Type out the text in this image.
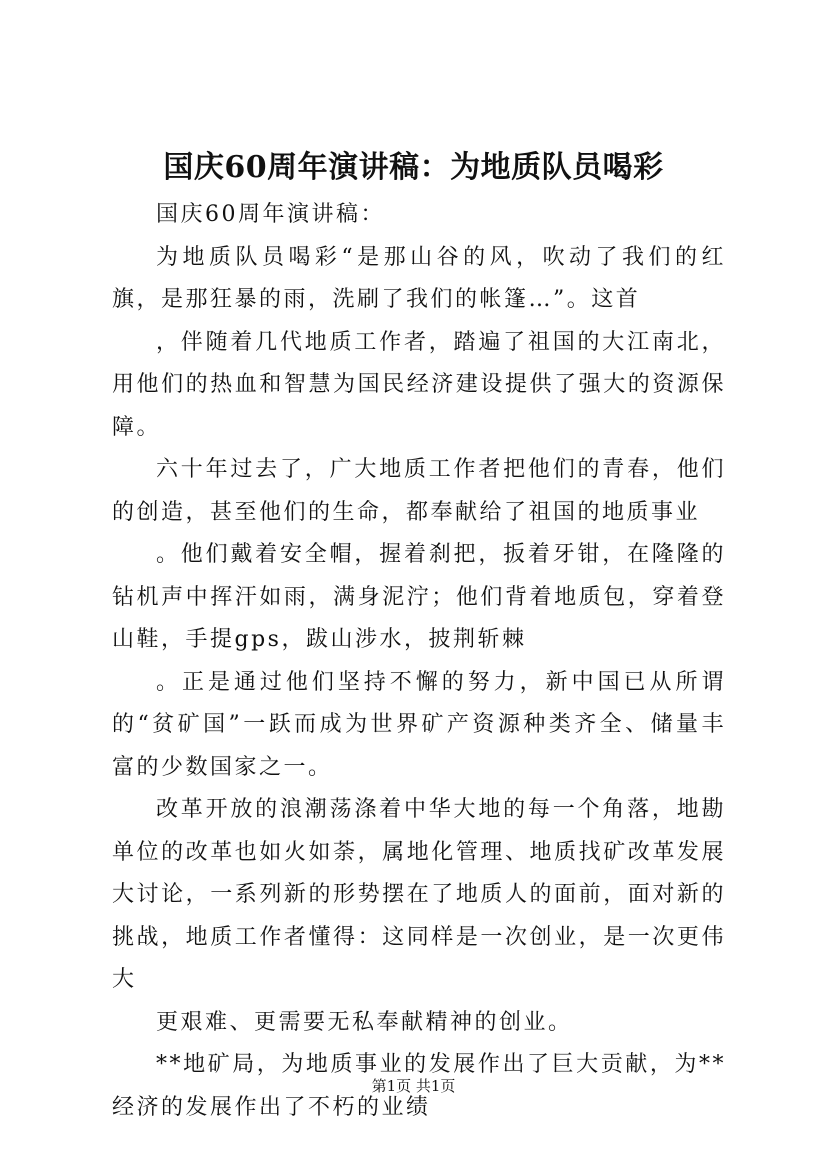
国庆60周年演讲稿：为地质队员喝彩

国庆60周年演讲稿：

为地质队员喝彩“是那山谷的风，吹动了我们的红旗，是那狂暴的雨，洗刷了我们的帐篷…”。这首

，伴随着几代地质工作者，踏遍了祖国的大江南北，用他们的热血和智慧为国民经济建设提供了强大的资源保障。

六十年过去了，广大地质工作者把他们的青春，他们的创造，甚至他们的生命，都奉献给了祖国的地质事业

。他们戴着安全帽，握着刹把，扳着牙钳，在隆隆的钻机声中挥汗如雨，满身泥泞；他们背着地质包，穿着登山鞋，手提gps，跋山涉水，披荆斩棘

。正是通过他们坚持不懈的努力，新中国已从所谓的“贫矿国”一跃而成为世界矿产资源种类齐全、储量丰富的少数国家之一。

改革开放的浪潮荡涤着中华大地的每一个角落，地勘单位的改革也如火如荼，属地化管理、地质找矿改革发展大讨论，一系列新的形势摆在了地质人的面前，面对新的挑战，地质工作者懂得：这同样是一次创业，是一次更伟大

更艰难、更需要无私奉献精神的创业。

**地矿局，为地质事业的发展作出了巨大贡献，为**经济的发展作出了不朽的业绩

第1页 共1页
